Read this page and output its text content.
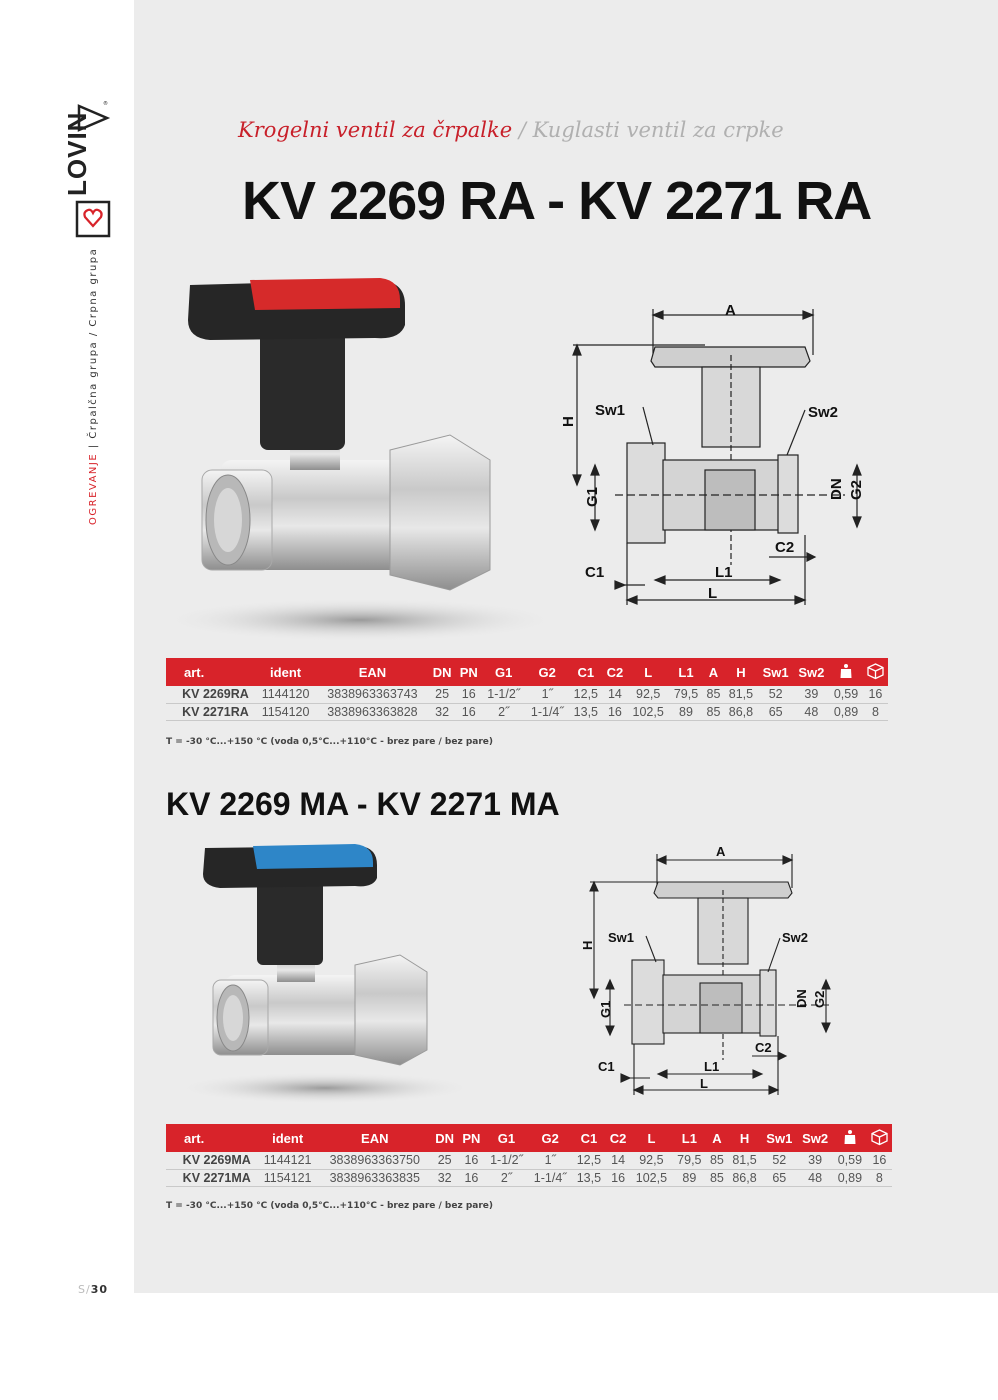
LOVIN
®
OGREVANJE | Črpalčna grupa / Crpna grupa
S/30
Krogelni ventil za črpalke / Kuglasti ventil za crpke
KV 2269 RA - KV 2271 RA
A
H
Sw1	Sw2
G1	DN G2
C1
C2
L1
L
art.	ident	EAN	DN	PN	G1	G2	C1	C2	L	L1	A	H	Sw1	Sw2		
KV 2269RA	1144120	3838963363743	25	16	1-1/2˝	1˝	12,5	14	92,5	79,5	85	81,5	52	39	0,59	16
KV 2271RA	1154120	3838963363828	32	16	2˝	1-1/4˝	13,5	16	102,5	89	85	86,8	65	48	0,89	8
T = -30 °C...+150 °C (voda 0,5°C...+110°C - brez pare / bez pare)
KV 2269 MA - KV 2271 MA
A
H
Sw1	Sw2
G1
DN G2
C1
C2
L1
L
art.	ident	EAN	DN	PN	G1	G2	C1	C2	L	L1	A	H	Sw1	Sw2		
KV 2269MA	1144121	3838963363750	25	16	1-1/2˝	1˝	12,5	14	92,5	79,5	85	81,5	52	39	0,59	16
KV 2271MA	1154121	3838963363835	32	16	2˝	1-1/4˝	13,5	16	102,5	89	85	86,8	65	48	0,89	8
T = -30 °C...+150 °C (voda 0,5°C...+110°C - brez pare / bez pare)
